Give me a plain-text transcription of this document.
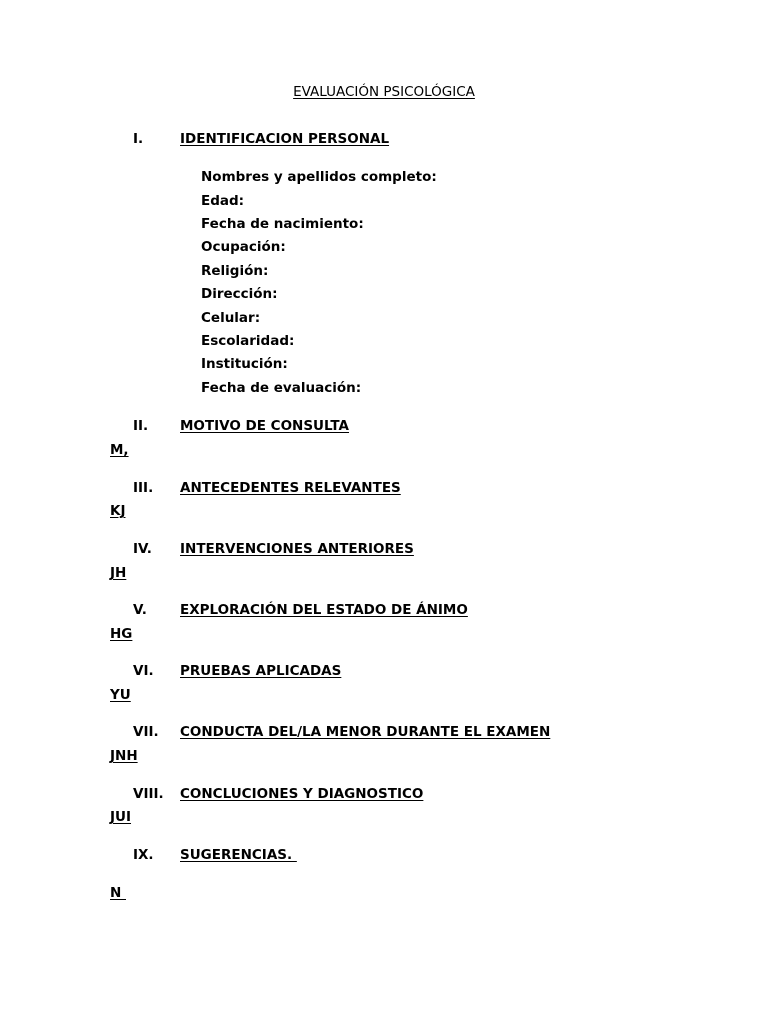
EVALUACIÓN PSICOLÓGICA
I.	IDENTIFICACION PERSONAL
Nombres y apellidos completo:
Edad:
Fecha de nacimiento:
Ocupación:
Religión:
Dirección:
Celular:
Escolaridad:
Institución:
Fecha de evaluación:
II. MOTIVO DE CONSULTA
M,
III. ANTECEDENTES RELEVANTES
KJ
IV. INTERVENCIONES ANTERIORES
JH
V. EXPLORACIÓN DEL ESTADO DE ÁNIMO
HG
VI. PRUEBAS APLICADAS
YU
VII. CONDUCTA DEL/LA MENOR DURANTE EL EXAMEN
JNH
VIII. CONCLUCIONES Y DIAGNOSTICO
JUI
IX. SUGERENCIAS.
N
